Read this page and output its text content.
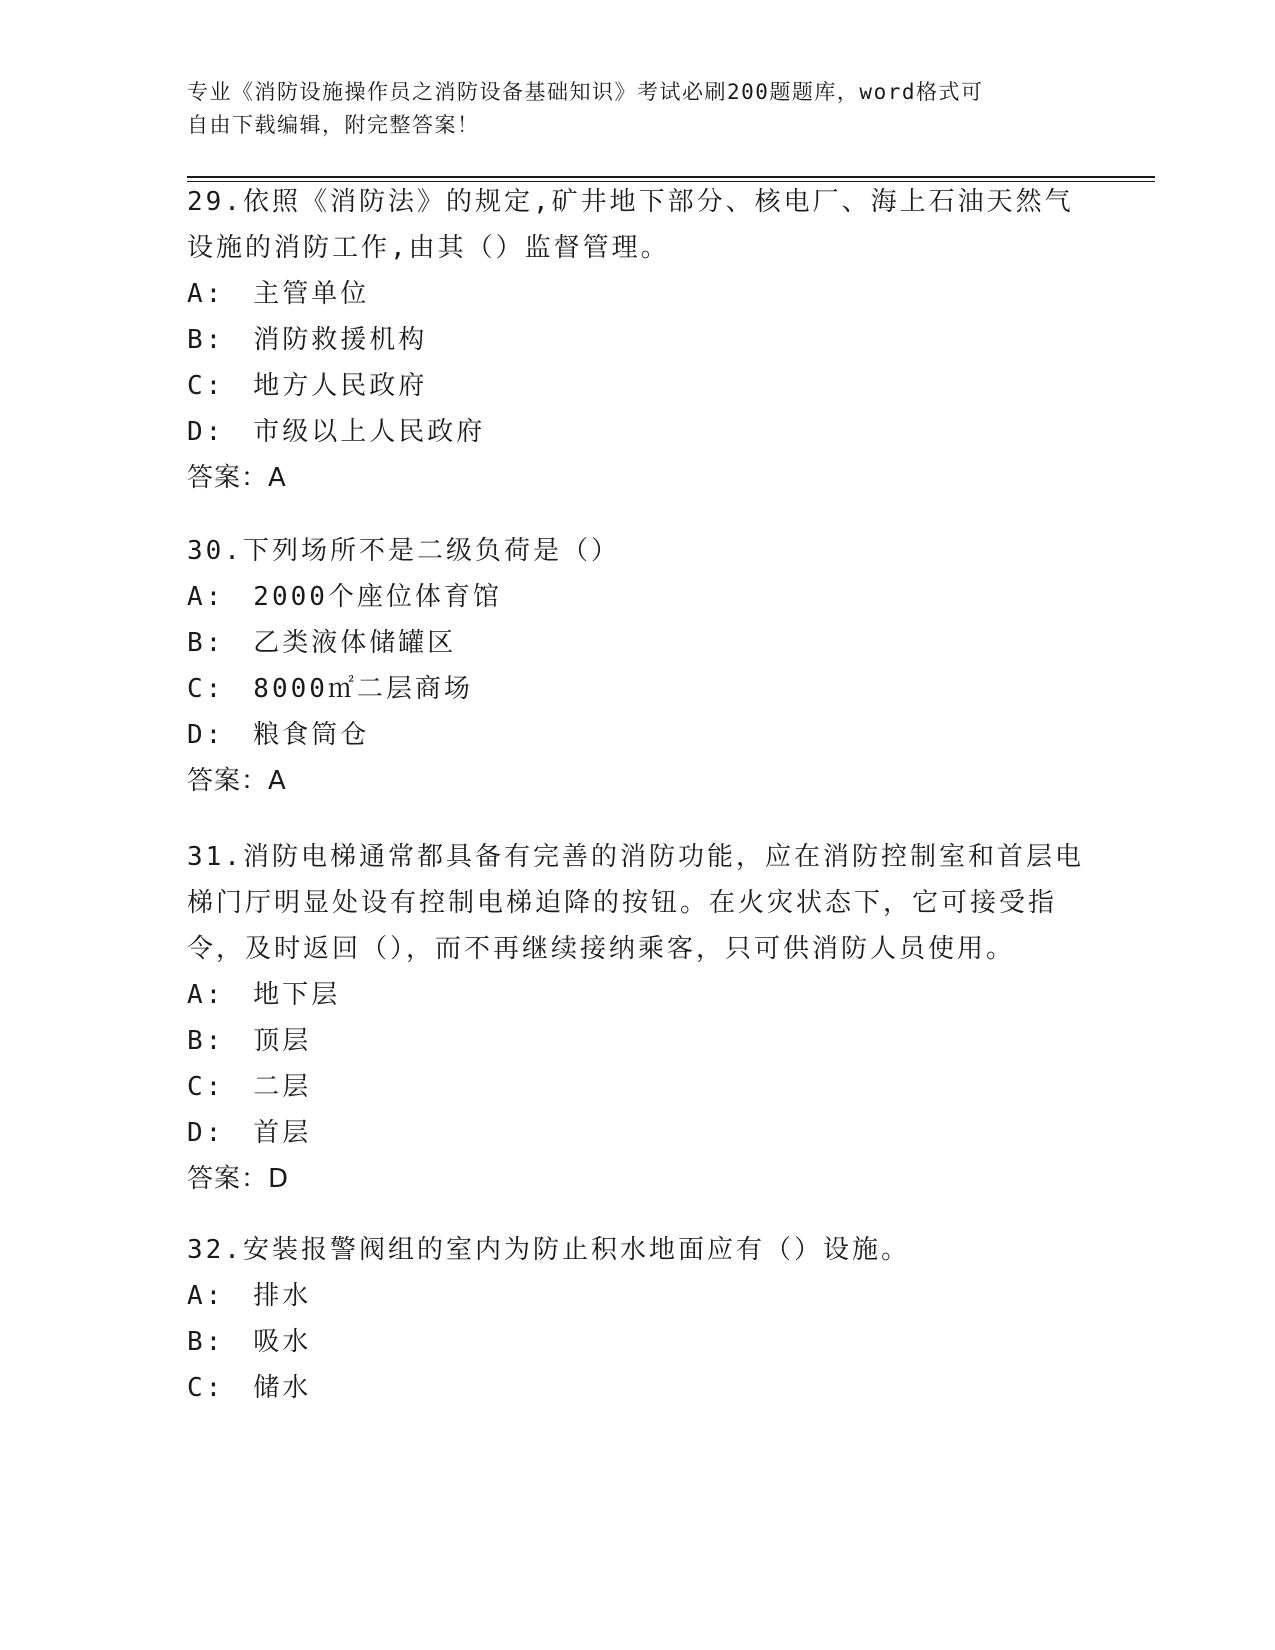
专业《消防设施操作员之消防设备基础知识》考试必刷200题题库，word格式可
自由下载编辑，附完整答案！
29.依照《消防法》的规定,矿井地下部分、核电厂、海上石油天然气
设施的消防工作,由其（）监督管理。
A:　主管单位
B:　消防救援机构
C:　地方人民政府
D:　市级以上人民政府
答案：A
30.下列场所不是二级负荷是（）
A:　2000个座位体育馆
B:　乙类液体储罐区
C:　8000㎡二层商场
D:　粮食筒仓
答案：A
31.消防电梯通常都具备有完善的消防功能，应在消防控制室和首层电
梯门厅明显处设有控制电梯迫降的按钮。在火灾状态下，它可接受指
令，及时返回（），而不再继续接纳乘客，只可供消防人员使用。
A:　地下层
B:　顶层
C:　二层
D:　首层
答案：D
32.安装报警阀组的室内为防止积水地面应有（）设施。
A:　排水
B:　吸水
C:　储水
